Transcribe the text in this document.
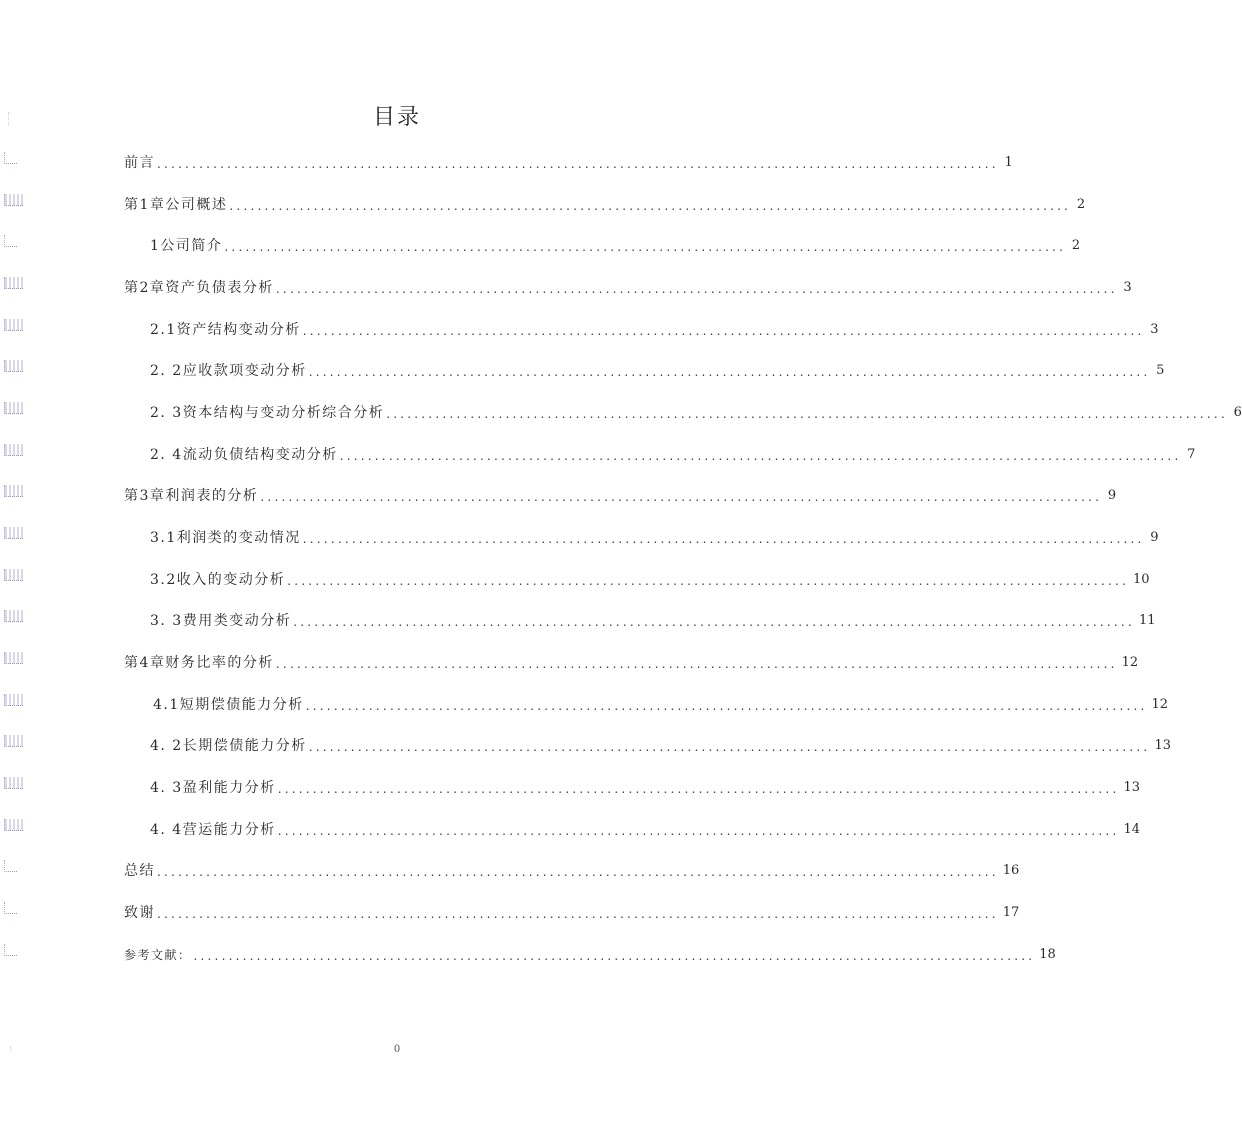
目录
前言 ........................................................................................................................ 1
第1章公司概述 ........................................................................................................................ 2
1公司简介 ........................................................................................................................ 2
第2章资产负债表分析 ........................................................................................................................ 3
2.1资产结构变动分析 ........................................................................................................................ 3
2. 2应收款项变动分析 ........................................................................................................................ 5
2. 3资本结构与变动分析综合分析 ........................................................................................................................ 6
2. 4流动负债结构变动分析 ........................................................................................................................ 7
第3章利润表的分析 ........................................................................................................................ 9
3.1利润类的变动情况 ........................................................................................................................ 9
3.2收入的变动分析 ........................................................................................................................ 10
3. 3费用类变动分析 ........................................................................................................................ 11
第4章财务比率的分析 ........................................................................................................................ 12
4.1短期偿债能力分析 ........................................................................................................................ 12
4. 2长期偿债能力分析 ........................................................................................................................ 13
4. 3盈利能力分析 ........................................................................................................................ 13
4. 4营运能力分析 ........................................................................................................................ 14
总结 ........................................................................................................................ 16
致谢 ........................................................................................................................ 17
参考文献： ........................................................................................................................ 18
0
